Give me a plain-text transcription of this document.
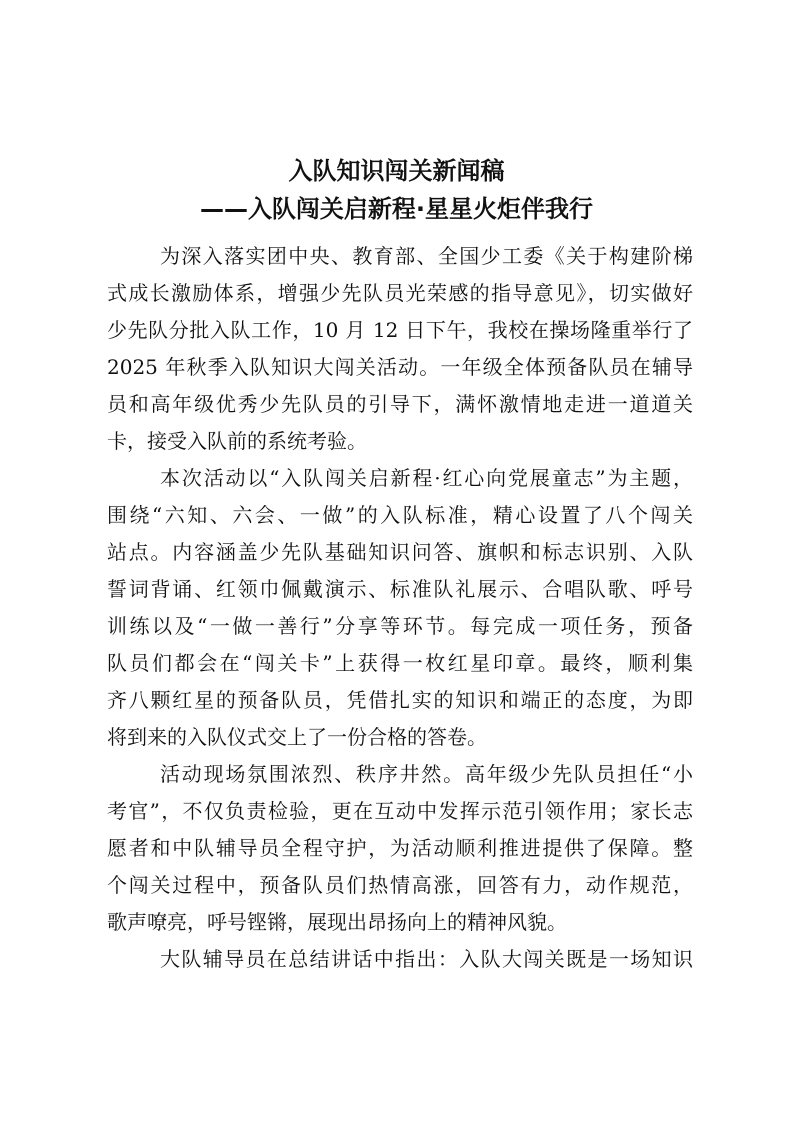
入队知识闯关新闻稿
——入队闯关启新程·星星火炬伴我行
为深入落实团中央、教育部、全国少工委《关于构建阶梯
式成长激励体系，增强少先队员光荣感的指导意见》，切实做好
少先队分批入队工作，10 月 12 日下午，我校在操场隆重举行了
2025 年秋季入队知识大闯关活动。一年级全体预备队员在辅导
员和高年级优秀少先队员的引导下，满怀激情地走进一道道关
卡，接受入队前的系统考验。
本次活动以“入队闯关启新程·红心向党展童志”为主题，
围绕“六知、六会、一做”的入队标准，精心设置了八个闯关
站点。内容涵盖少先队基础知识问答、旗帜和标志识别、入队
誓词背诵、红领巾佩戴演示、标准队礼展示、合唱队歌、呼号
训练以及“一做一善行”分享等环节。每完成一项任务，预备
队员们都会在“闯关卡”上获得一枚红星印章。最终，顺利集
齐八颗红星的预备队员，凭借扎实的知识和端正的态度，为即
将到来的入队仪式交上了一份合格的答卷。
活动现场氛围浓烈、秩序井然。高年级少先队员担任“小
考官”，不仅负责检验，更在互动中发挥示范引领作用；家长志
愿者和中队辅导员全程守护，为活动顺利推进提供了保障。整
个闯关过程中，预备队员们热情高涨，回答有力，动作规范，
歌声嘹亮，呼号铿锵，展现出昂扬向上的精神风貌。
大队辅导员在总结讲话中指出：入队大闯关既是一场知识
